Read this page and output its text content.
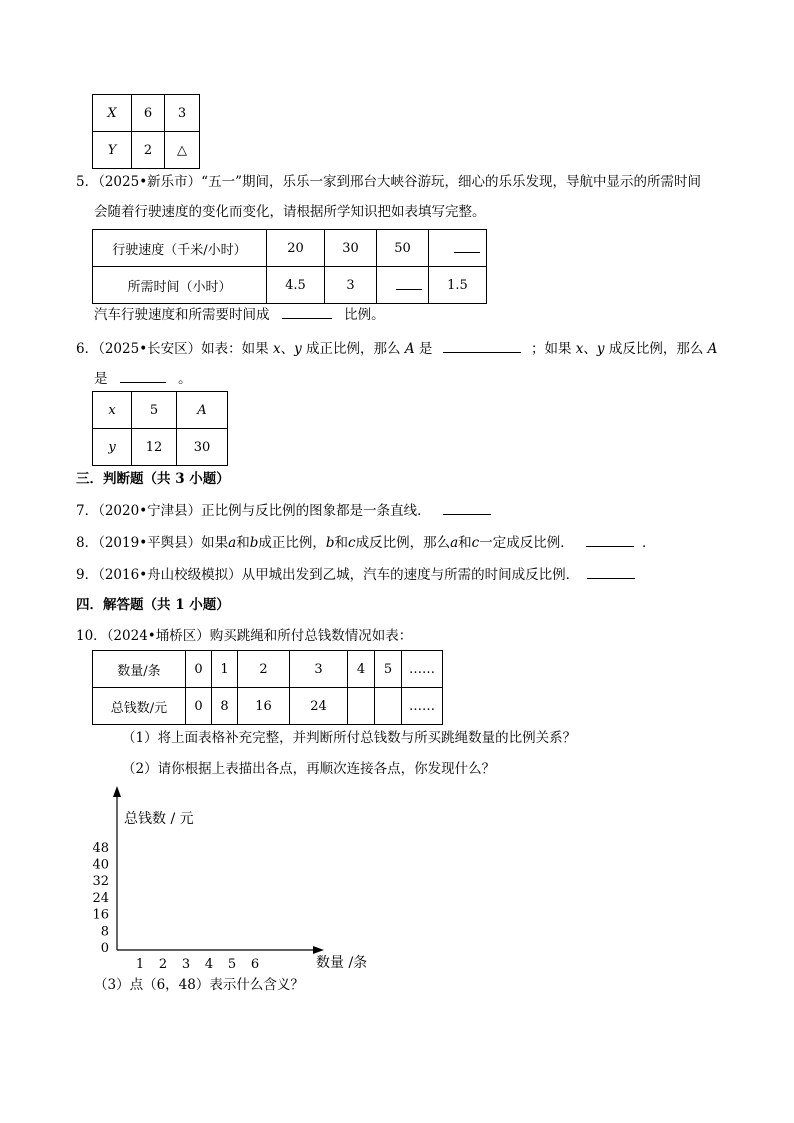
X	6	3
Y	2	△
5．（2025•新乐市）“五一”期间，乐乐一家到邢台大峡谷游玩，细心的乐乐发现，导航中显示的所需时间
会随着行驶速度的变化而变化，请根据所学知识把如表填写完整。
行驶速度（千米/小时）	20	30	50	
所需时间（小时）	4.5	3		1.5
汽车行驶速度和所需要时间成	比例。
6．（2025•长安区）如表：如果 x、y 成正比例，那么 A 是	；如果 x、y 成反比例，那么 A
是	。
x	5	A
y	12	30
三．判断题（共 3 小题）
7．（2020•宁津县）正比例与反比例的图象都是一条直线．
8．（2019•平舆县）如果a和b成正比例，b和c成反比例，那么a和c一定成反比例．	．
9．（2016•舟山校级模拟）从甲城出发到乙城，汽车的速度与所需的时间成反比例．
四．解答题（共 1 小题）
10．（2024•埇桥区）购买跳绳和所付总钱数情况如表：
数量/条	0	1	2	3	4	5	……
总钱数/元	0	8	16	24			……
（1）将上面表格补充完整，并判断所付总钱数与所买跳绳数量的比例关系？
（2）请你根据上表描出各点，再顺次连接各点，你发现什么？
总钱数 / 元
数量 /条
1 2 3 4 5 6
0
8
16
24
32
40
48
（3）点（6，48）表示什么含义？
